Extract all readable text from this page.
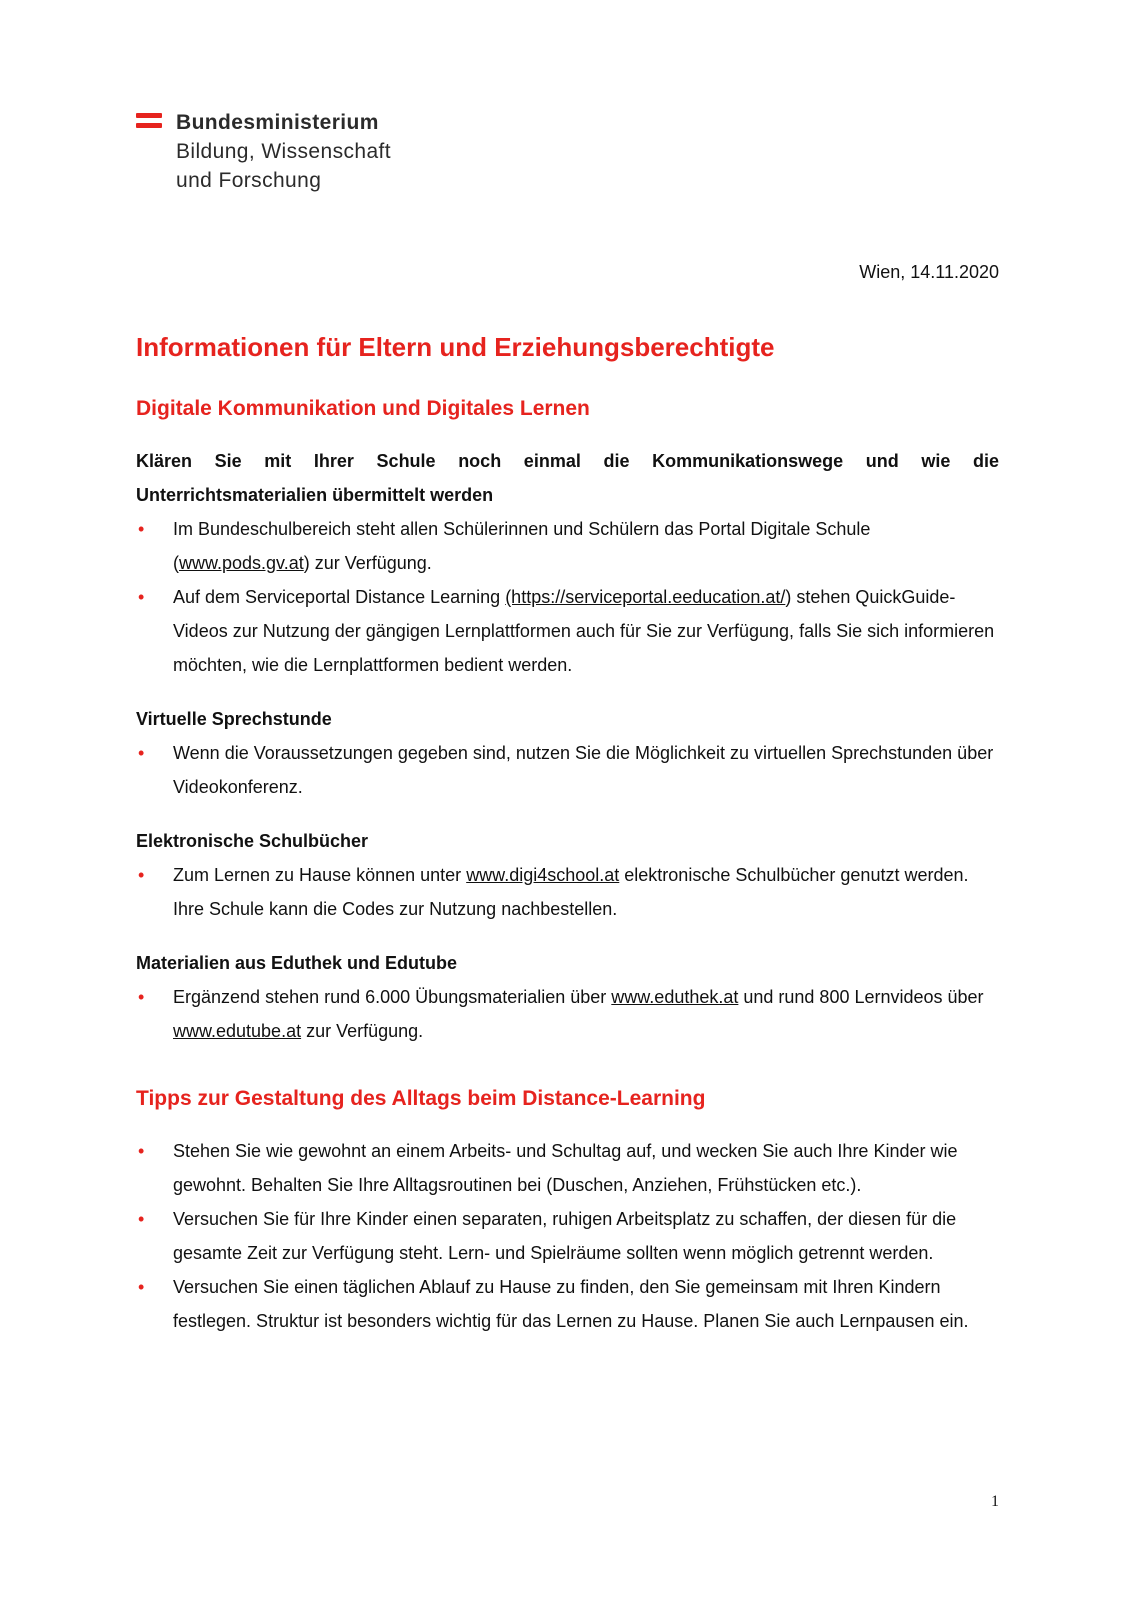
Bundesministerium
Bildung, Wissenschaft
und Forschung
Wien, 14.11.2020
Informationen für Eltern und Erziehungsberechtigte
Digitale Kommunikation und Digitales Lernen

Klären Sie mit Ihrer Schule noch einmal die Kommunikationswege und wie die Unterrichtsmaterialien übermittelt werden

• Im Bundeschulbereich steht allen Schülerinnen und Schülern das Portal Digitale Schule (www.pods.gv.at) zur Verfügung.
• Auf dem Serviceportal Distance Learning (https://serviceportal.eeducation.at/) stehen QuickGuide-Videos zur Nutzung der gängigen Lernplattformen auch für Sie zur Verfügung, falls Sie sich informieren möchten, wie die Lernplattformen bedient werden.

Virtuelle Sprechstunde

• Wenn die Voraussetzungen gegeben sind, nutzen Sie die Möglichkeit zu virtuellen Sprechstunden über Videokonferenz.

Elektronische Schulbücher

• Zum Lernen zu Hause können unter www.digi4school.at elektronische Schulbücher genutzt werden. Ihre Schule kann die Codes zur Nutzung nachbestellen.

Materialien aus Eduthek und Edutube

• Ergänzend stehen rund 6.000 Übungsmaterialien über www.eduthek.at und rund 800 Lernvideos über www.edutube.at zur Verfügung.
Tipps zur Gestaltung des Alltags beim Distance-Learning
• Stehen Sie wie gewohnt an einem Arbeits- und Schultag auf, und wecken Sie auch Ihre Kinder wie gewohnt. Behalten Sie Ihre Alltagsroutinen bei (Duschen, Anziehen, Frühstücken etc.).
• Versuchen Sie für Ihre Kinder einen separaten, ruhigen Arbeitsplatz zu schaffen, der diesen für die gesamte Zeit zur Verfügung steht. Lern- und Spielräume sollten wenn möglich getrennt werden.
• Versuchen Sie einen täglichen Ablauf zu Hause zu finden, den Sie gemeinsam mit Ihren Kindern festlegen. Struktur ist besonders wichtig für das Lernen zu Hause. Planen Sie auch Lernpausen ein.
1
